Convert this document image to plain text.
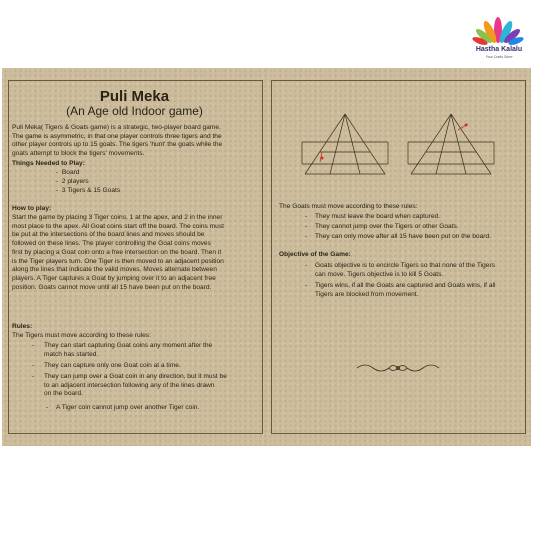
Hastha Kalalu
Your Crafts Store
Puli Meka
(An Age old Indoor game)
Puli Meka( Tigers & Goats game) is a strategic, two-player board game.
The game is asymmetric, in that one player controls three tigers and the
other player controls up to 15 goats. The tigers 'hunt' the goats while the
goats attempt to block the tigers' movements.
Things Needed to Play:
-  Board
-  2 players
-  3 Tigers & 15 Goats
How to play:
Start the game by placing 3 Tiger coins, 1 at the apex, and 2 in the inner
most place to the apex. All Goat coins start off the board. The coins must
be put at the intersections of the board lines and moves should be
followed on these lines. The player controlling the Goat coins moves
first by placing a Goat coin onto a free intersection on the board. Then it
is the Tiger players turn. One Tiger is then moved to an adjacent position
along the lines that indicate the valid moves. Moves alternate between
players. A Tiger captures a Goat by jumping over it to an adjacent free
position. Goats cannot move until all 15 have been put on the board.
Rules:
The Tigers must move according to these rules:
- They can start capturing Goat coins any moment after the
match has started.
- They can capture only one Goat coin at a time.
- They can jump over a Goat coin in any direction, but it must be
to an adjacent intersection following any of the lines drawn
on the board.
- A Tiger coin cannot jump over another Tiger coin.
The Goats must move according to these rules:
- They must leave the board when captured.
- They cannot jump over the Tigers or other Goats.
- They can only move after all 15 have been put on the board.
Objective of the Game:
- Goats objective is to encircle Tigers so that none of the Tigers
can move. Tigers objective is to kill 5 Goats.
- Tigers wins, if all the Goats are captured and Goats wins, if all
Tigers are blocked from movement.
